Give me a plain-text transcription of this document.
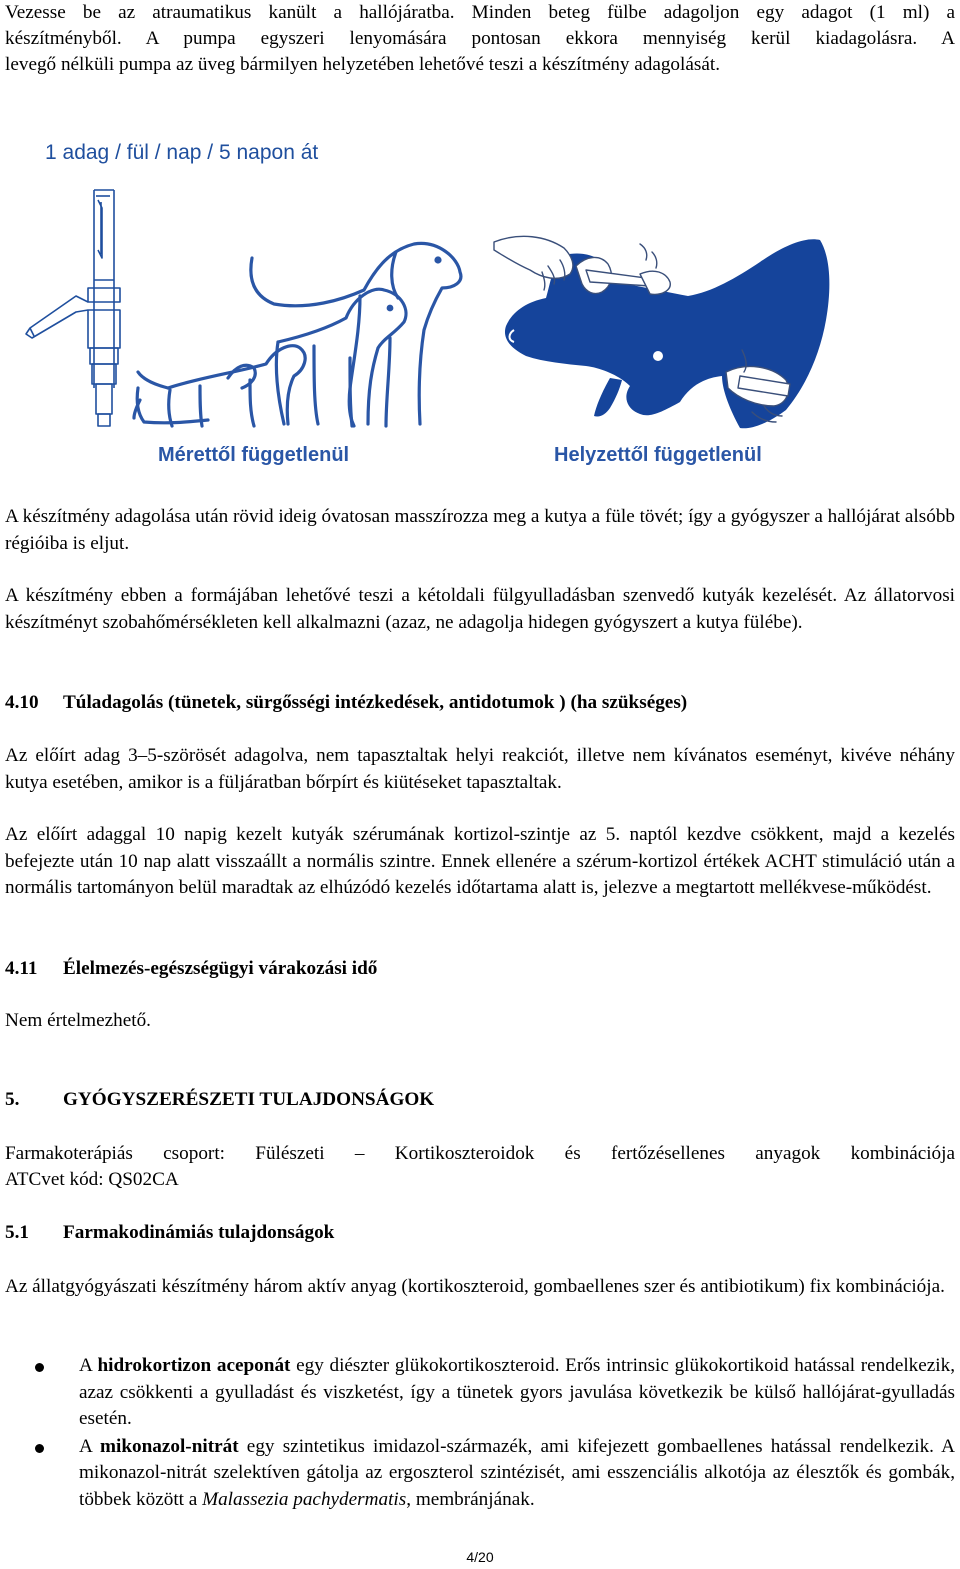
Vezesse be az atraumatikus kanült a hallójáratba. Minden beteg fülbe adagoljon egy adagot (1 ml) a

készítményből. A pumpa egyszeri lenyomására pontosan ekkora mennyiség kerül kiadagolásra. A

levegő nélküli pumpa az üveg bármilyen helyzetében lehetővé teszi a készítmény adagolását.

1 adag / fül / nap / 5 napon át
Mérettől függetlenül	Helyzettől függetlenül

A készítmény adagolása után rövid ideig óvatosan masszírozza meg a kutya a füle tövét; így a gyógyszer a hallójárat alsóbb régióiba is eljut.

A készítmény ebben a formájában lehetővé teszi a kétoldali fülgyulladásban szenvedő kutyák kezelését. Az állatorvosi készítményt szobahőmérsékleten kell alkalmazni (azaz, ne adagolja hidegen gyógyszert a kutya fülébe).

4.10 Túladagolás (tünetek, sürgősségi intézkedések, antidotumok ) (ha szükséges)

Az előírt adag 3–5-szörösét adagolva, nem tapasztaltak helyi reakciót, illetve nem kívánatos eseményt, kivéve néhány kutya esetében, amikor is a füljáratban bőrpírt és kiütéseket tapasztaltak.

Az előírt adaggal 10 napig kezelt kutyák szérumának kortizol-szintje az 5. naptól kezdve csökkent, majd a kezelés befejezte után 10 nap alatt visszaállt a normális szintre. Ennek ellenére a szérum-kortizol értékek ACHT stimuláció után a normális tartományon belül maradtak az elhúzódó kezelés időtartama alatt is, jelezve a megtartott mellékvese-működést.

4.11 Élelmezés-egészségügyi várakozási idő

Nem értelmezhető.

5. GYÓGYSZERÉSZETI TULAJDONSÁGOK

Farmakoterápiás csoport: Fülészeti – Kortikoszteroidok és fertőzésellenes anyagok kombinációja

ATCvet kód: QS02CA

5.1 Farmakodinámiás tulajdonságok

Az állatgyógyászati készítmény három aktív anyag (kortikoszteroid, gombaellenes szer és antibiotikum) fix kombinációja.

A hidrokortizon aceponát egy diészter glükokortikoszteroid. Erős intrinsic glükokortikoid hatással rendelkezik, azaz csökkenti a gyulladást és viszketést, így a tünetek gyors javulása következik be külső hallójárat-gyulladás esetén.
A mikonazol-nitrát egy szintetikus imidazol-származék, ami kifejezett gombaellenes hatással rendelkezik. A mikonazol-nitrát szelektíven gátolja az ergoszterol szintézisét, ami esszenciális alkotója az élesztők és gombák, többek között a Malassezia pachydermatis, membránjának.
4/20
